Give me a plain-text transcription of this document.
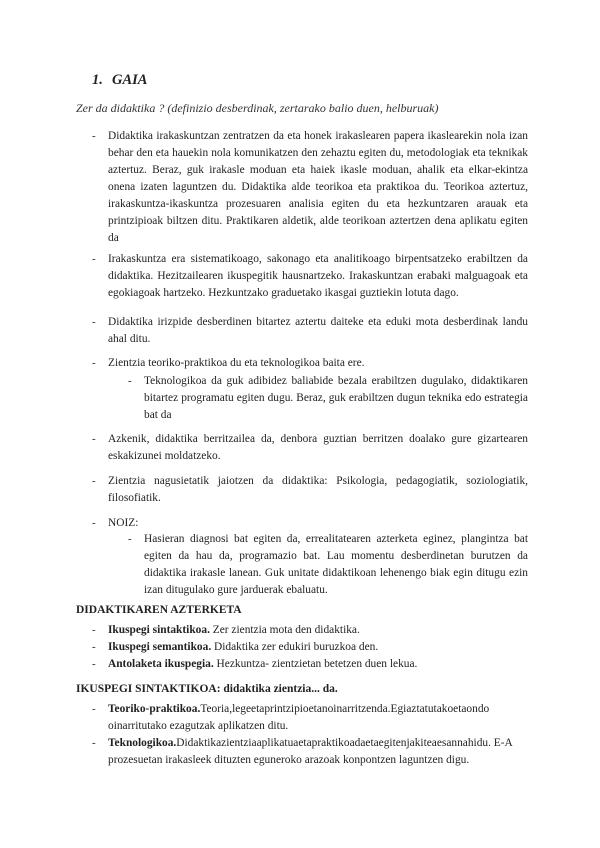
1. GAIA

Zer da didaktika ? (definizio desberdinak, zertarako balio duen, helburuak)

- Didaktika irakaskuntzan zentratzen da eta honek irakaslearen papera ikaslearekin nola izan behar den eta hauekin nola komunikatzen den zehaztu egiten du, metodologiak eta teknikak aztertuz. Beraz, guk irakasle moduan eta haiek ikasle moduan, ahalik eta elkar-ekintza onena izaten laguntzen du. Didaktika alde teorikoa eta praktikoa du. Teorikoa aztertuz, irakaskuntza-ikaskuntza prozesuaren analisia egiten du eta hezkuntzaren arauak eta printzipioak biltzen ditu. Praktikaren aldetik, alde teorikoan aztertzen dena aplikatu egiten da

- Irakaskuntza era sistematikoago, sakonago eta analitikoago birpentsatzeko erabiltzen da didaktika. Hezitzailearen ikuspegitik hausnartzeko. Irakaskuntzan erabaki malguagoak eta egokiagoak hartzeko. Hezkuntzako graduetako ikasgai guztiekin lotuta dago.

- Didaktika irizpide desberdinen bitartez aztertu daiteke eta eduki mota desberdinak landu ahal ditu.

- Zientzia teoriko-praktikoa du eta teknologikoa baita ere.

- Teknologikoa da guk adibidez baliabide bezala erabiltzen dugulako, didaktikaren bitartez programatu egiten dugu. Beraz, guk erabiltzen dugun teknika edo estrategia bat da

- Azkenik, didaktika berritzailea da, denbora guztian berritzen doalako gure gizartearen eskakizunei moldatzeko.

- Zientzia nagusietatik jaiotzen da didaktika: Psikologia, pedagogiatik, soziologiatik, filosofiatik.

- NOIZ:

- Hasieran diagnosi bat egiten da, errealitatearen azterketa eginez, plangintza bat egiten da hau da, programazio bat. Lau momentu desberdinetan burutzen da didaktika irakasle lanean. Guk unitate didaktikoan lehenengo biak egin ditugu ezin izan ditugulako gure jarduerak ebaluatu.

DIDAKTIKAREN AZTERKETA
- Ikuspegi sintaktikoa. Zer zientzia mota den didaktika.

- Ikuspegi semantikoa. Didaktika zer edukiri buruzkoa den.

- Antolaketa ikuspegia. Hezkuntza- zientzietan betetzen duen lekua.

IKUSPEGI SINTAKTIKOA: didaktika zientzia... da.
- Teoriko-praktikoa.Teoria,legeetaprintzipioetanoinarritzenda.Egiaztatutakoetaondo oinarritutako ezagutzak aplikatzen ditu.

- Teknologikoa.Didaktikazientziaaplikatuaetapraktikoadaetaegitenjakiteaesannahidu. E-A prozesuetan irakasleek dituzten eguneroko arazoak konpontzen laguntzen digu.
